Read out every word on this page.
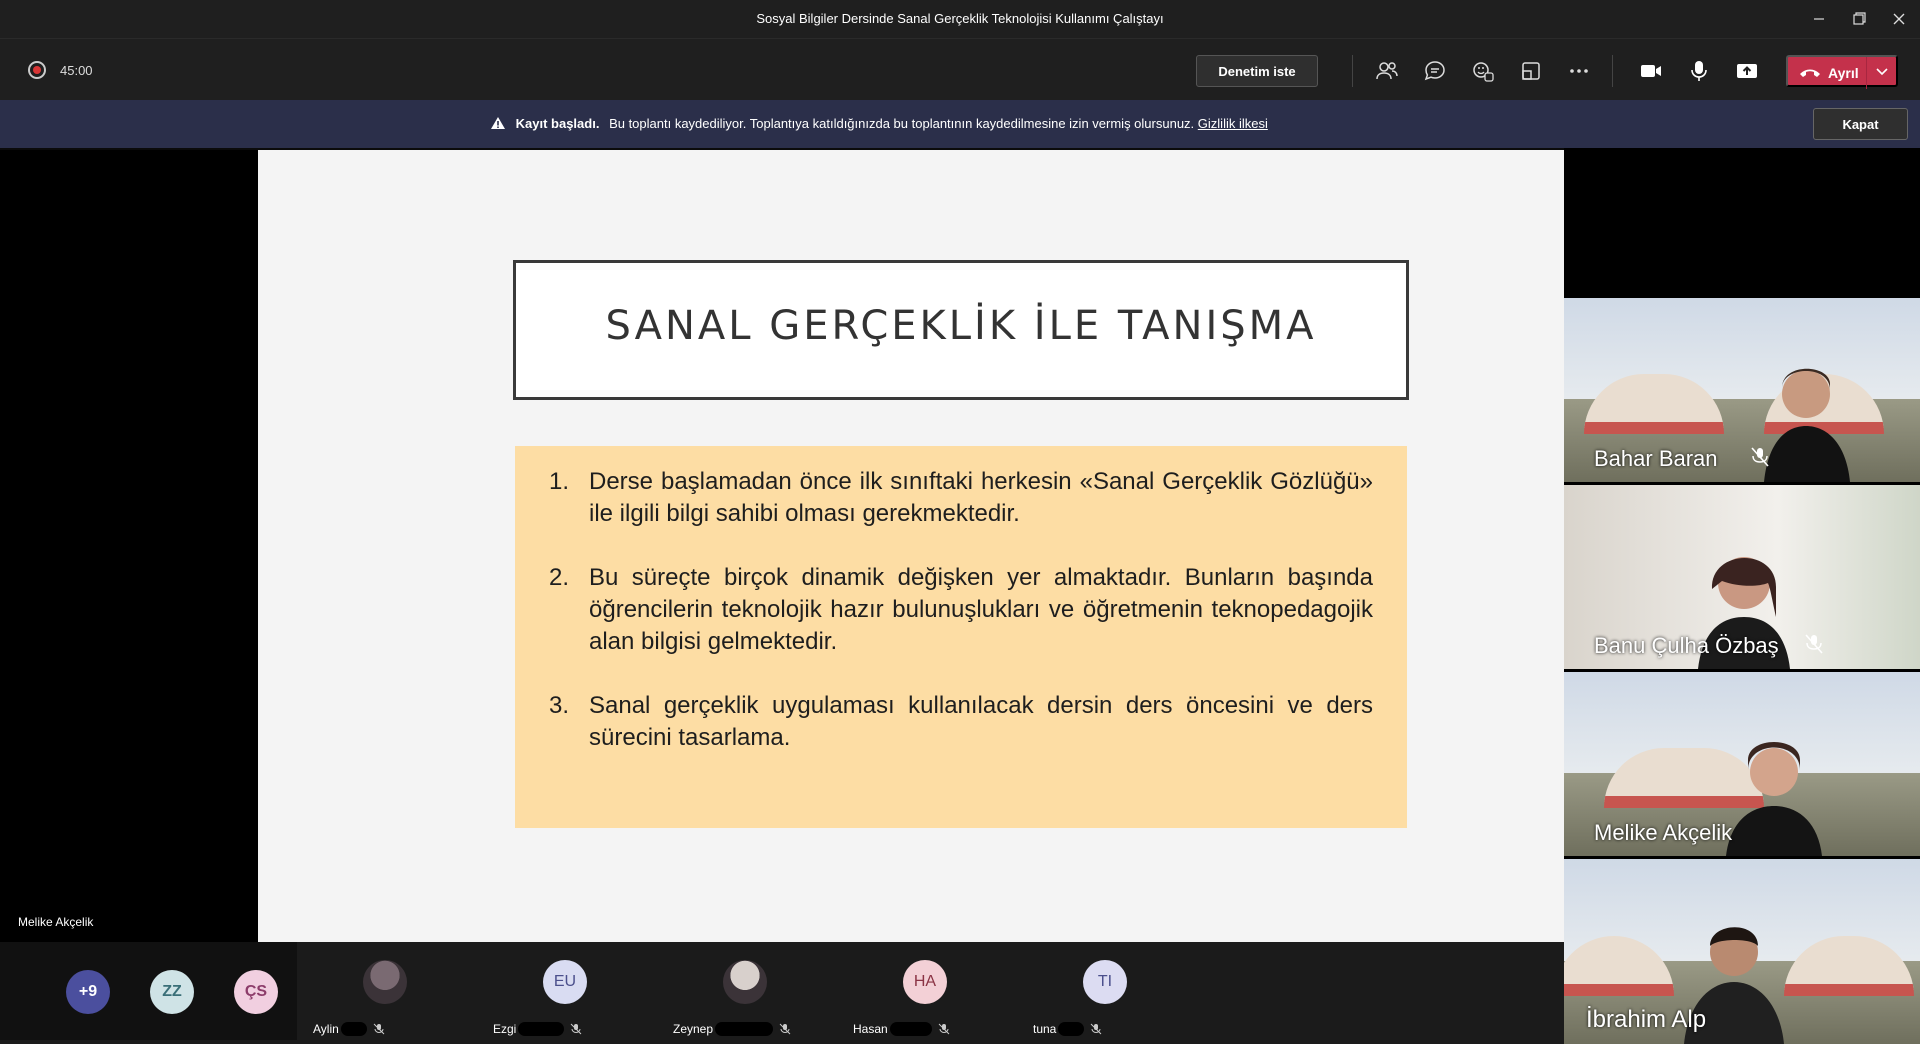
Sosyal Bilgiler Dersinde Sanal Gerçeklik Teknolojisi Kullanımı Çalıştayı
45:00	Denetim iste	Ayrıl
Kayıt başladı. Bu toplantı kaydediliyor. Toplantıya katıldığınızda bu toplantının kaydedilmesine izin vermiş olursunuz. Gizlilik ilkesi	Kapat
SANAL GERÇEKLİK İLE TANIŞMA
1. Derse başlamadan önce ilk sınıftaki herkesin «Sanal Gerçeklik Gözlüğü» ile ilgili bilgi sahibi olması gerekmektedir.
2. Bu süreçte birçok dinamik değişken yer almaktadır. Bunların başında öğrencilerin teknolojik hazır bulunuşlukları ve öğretmenin teknopedagojik alan bilgisi gelmektedir.
3. Sanal gerçeklik uygulaması kullanılacak dersin ders öncesini ve ders sürecini tasarlama.
Melike Akçelik
+9	ZZ	ÇS
Aylin
EU
Ezgi	Zeynep
HA
Hasan
TI
tuna
Bahar Baran
Banu Çulha Özbaş
Melike Akçelik
İbrahim Alp
